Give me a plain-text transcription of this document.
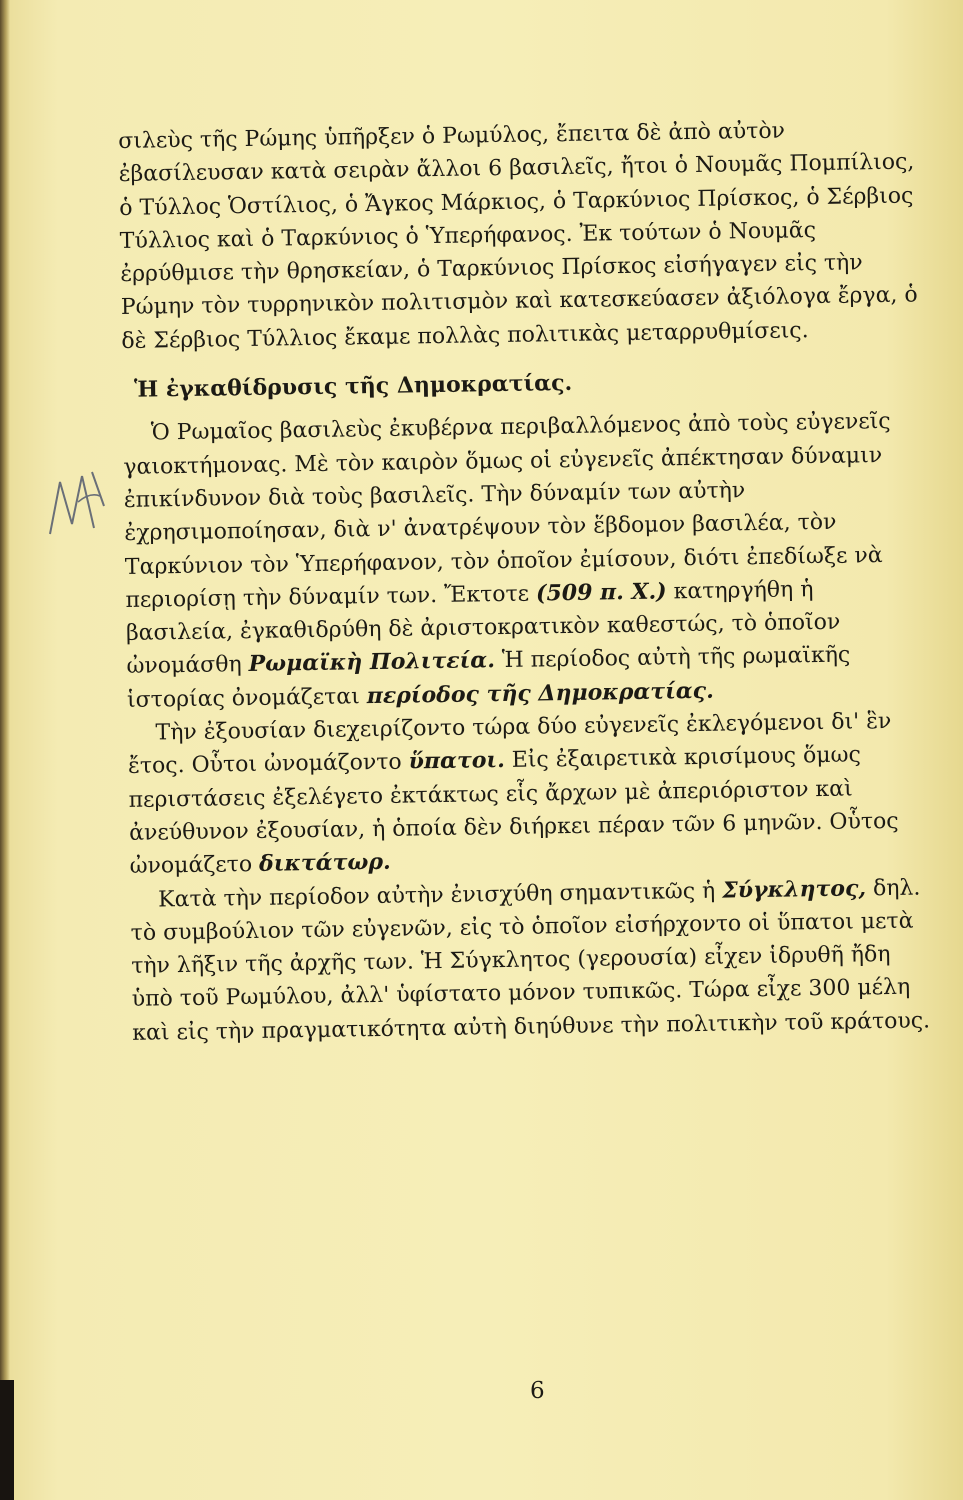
σιλεὺς τῆς Ρώμης ὑπῆρξεν ὁ Ρωμύλος, ἔπειτα δὲ ἀπὸ αὐτὸν ἐβασίλευσαν κατὰ σειρὰν ἄλλοι 6 βασιλεῖς, ἤτοι ὁ Νουμᾶς Πομπίλιος, ὁ Τύλλος Ὁστίλιος, ὁ Ἄγκος Μάρκιος, ὁ Ταρκύνιος Πρίσκος, ὁ Σέρβιος Τύλλιος καὶ ὁ Ταρκύνιος ὁ Ὑπερήφανος. Ἐκ τούτων ὁ Νουμᾶς ἐρρύθμισε τὴν θρησκείαν, ὁ Ταρκύνιος Πρίσκος εἰσήγαγεν εἰς τὴν Ρώμην τὸν τυρρηνικὸν πολιτισμὸν καὶ κατεσκεύασεν ἀξιόλογα ἔργα, ὁ δὲ Σέρβιος Τύλλιος ἔκαμε πολλὰς πολιτικὰς μεταρρυθμίσεις.

Ἡ ἐγκαθίδρυσις τῆς Δημοκρατίας.

Ὁ Ρωμαῖος βασιλεὺς ἐκυβέρνα περιβαλλόμενος ἀπὸ τοὺς εὐγενεῖς γαιοκτήμονας. Μὲ τὸν καιρὸν ὅμως οἱ εὐγενεῖς ἀπέκτησαν δύναμιν ἐπικίνδυνον διὰ τοὺς βασιλεῖς. Τὴν δύναμίν των αὐτὴν ἐχρησιμοποίησαν, διὰ ν' ἀνατρέψουν τὸν ἕβδομον βασιλέα, τὸν Ταρκύνιον τὸν Ὑπερήφανον, τὸν ὁποῖον ἐμίσουν, διότι ἐπεδίωξε νὰ περιορίσῃ τὴν δύναμίν των. Ἔκτοτε (509 π. Χ.) κατηργήθη ἡ βασιλεία, ἐγκαθιδρύθη δὲ ἀριστοκρατικὸν καθεστώς, τὸ ὁποῖον ὠνομάσθη Ρωμαϊκὴ Πολιτεία. Ἡ περίοδος αὐτὴ τῆς ρωμαϊκῆς ἱστορίας ὀνομάζεται περίοδος τῆς Δημοκρατίας.

Τὴν ἐξουσίαν διεχειρίζοντο τώρα δύο εὐγενεῖς ἐκλεγόμενοι δι' ἓν ἔτος. Οὗτοι ὠνομάζοντο ὕπατοι. Εἰς ἐξαιρετικὰ κρισίμους ὅμως περιστάσεις ἐξελέγετο ἐκτάκτως εἷς ἄρχων μὲ ἀπεριόριστον καὶ ἀνεύθυνον ἐξουσίαν, ἡ ὁποία δὲν διήρκει πέραν τῶν 6 μηνῶν. Οὗτος ὠνομάζετο δικτάτωρ.

Κατὰ τὴν περίοδον αὐτὴν ἐνισχύθη σημαντικῶς ἡ Σύγκλητος, δηλ. τὸ συμβούλιον τῶν εὐγενῶν, εἰς τὸ ὁποῖον εἰσήρχοντο οἱ ὕπατοι μετὰ τὴν λῆξιν τῆς ἀρχῆς των. Ἡ Σύγκλητος (γερουσία) εἶχεν ἱδρυθῆ ἤδη ὑπὸ τοῦ Ρωμύλου, ἀλλ' ὑφίστατο μόνον τυπικῶς. Τώρα εἶχε 300 μέλη καὶ εἰς τὴν πραγματικότητα αὐτὴ διηύθυνε τὴν πολιτικὴν τοῦ κράτους.

6
